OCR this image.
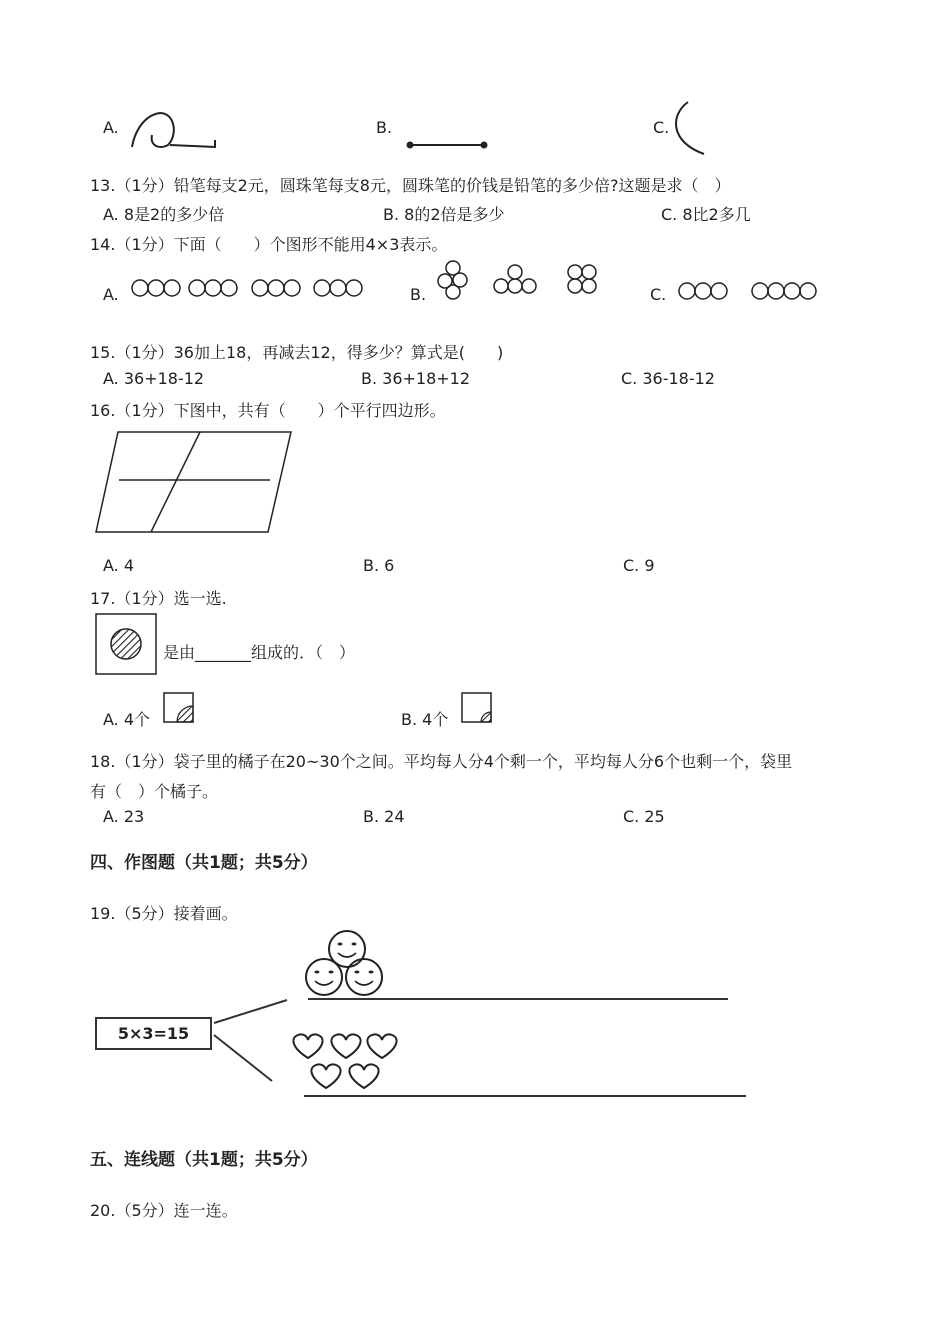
A.	B.	C.
13.（1分）铅笔每支2元，圆珠笔每支8元，圆珠笔的价钱是铅笔的多少倍?这题是求（　）
A. 8是2的多少倍	B. 8的2倍是多少	C. 8比2多几
14.（1分）下面（　　）个图形不能用4×3表示。
A.	B.	C.
15.（1分）36加上18，再减去12，得多少？算式是(　　)
A. 36+18-12	B. 36+18+12	C. 36-18-12
16.（1分）下图中，共有（　　）个平行四边形。
A. 4	B. 6	C. 9
17.（1分）选一选.
是由_______组成的．（　）
A. 4个	B. 4个
18.（1分）袋子里的橘子在20~30个之间。平均每人分4个剩一个，平均每人分6个也剩一个，袋里
有（　）个橘子。
A. 23	B. 24	C. 25
四、作图题（共1题；共5分）
19.（5分）接着画。
5×3=15
五、连线题（共1题；共5分）
20.（5分）连一连。
